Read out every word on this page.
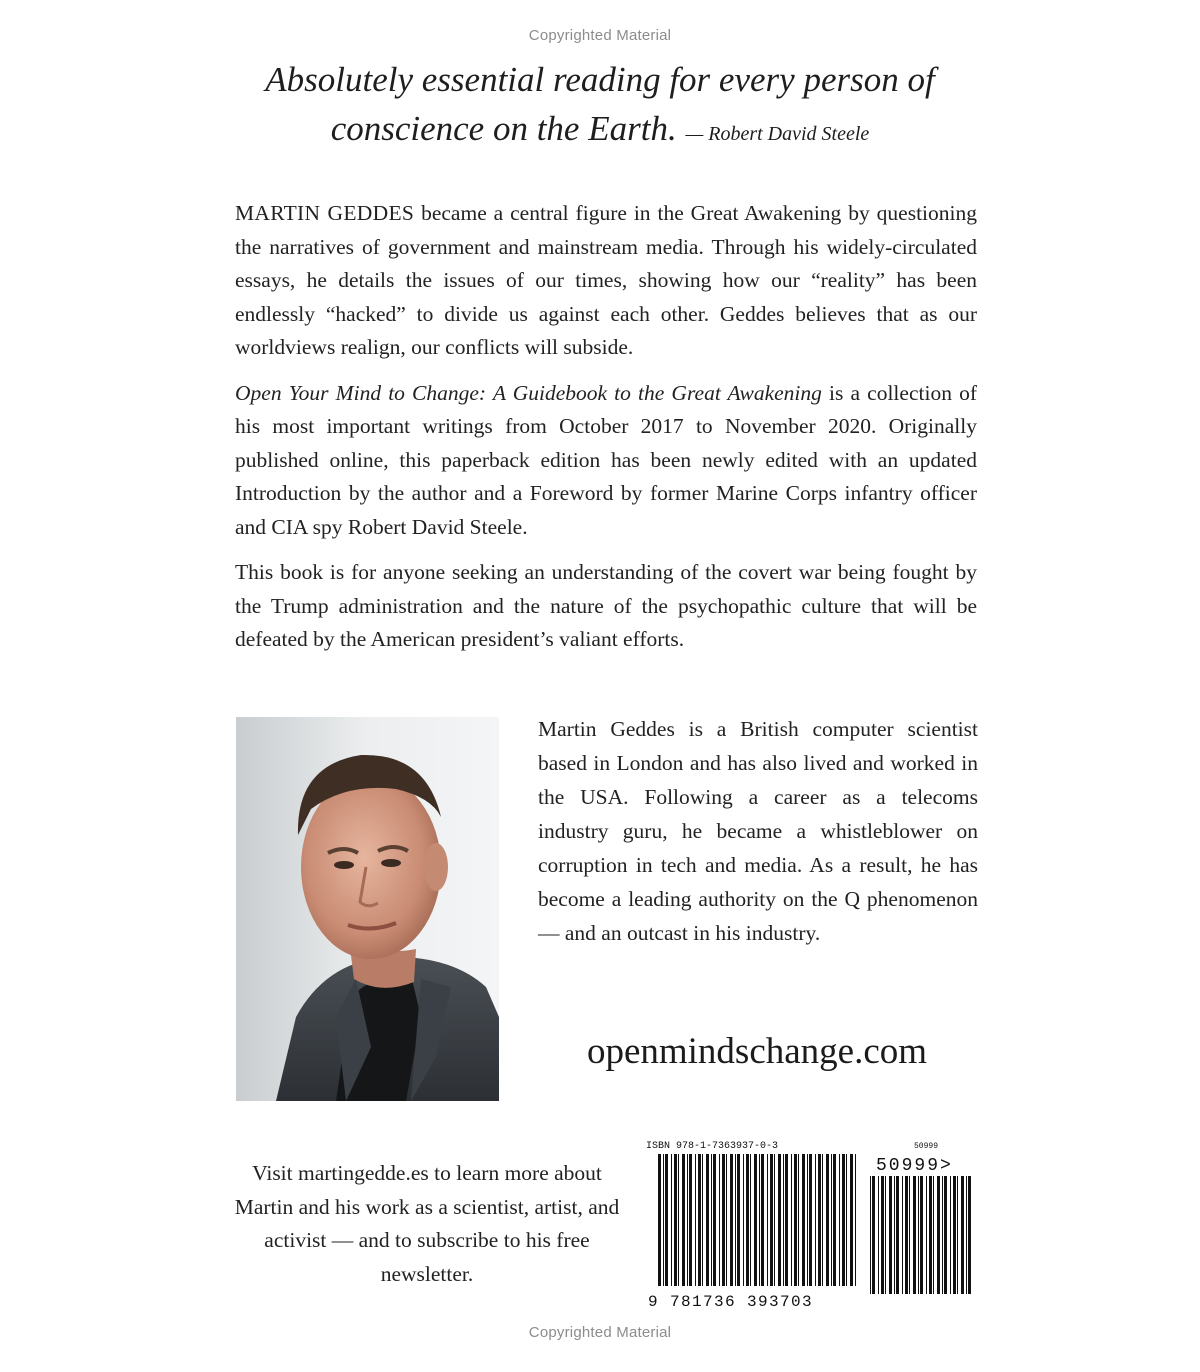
Copyrighted Material
Absolutely essential reading for every person of conscience on the Earth. — Robert David Steele

MARTIN GEDDES became a central figure in the Great Awakening by questioning the narratives of government and mainstream media. Through his widely-circulated essays, he details the issues of our times, showing how our “reality” has been endlessly “hacked” to divide us against each other. Geddes believes that as our worldviews realign, our conflicts will subside.

Open Your Mind to Change: A Guidebook to the Great Awakening is a collection of his most important writings from October 2017 to November 2020. Originally published online, this paperback edition has been newly edited with an updated Introduction by the author and a Foreword by former Marine Corps infantry officer and CIA spy Robert David Steele.

This book is for anyone seeking an understanding of the covert war being fought by the Trump administration and the nature of the psychopathic culture that will be defeated by the American president’s valiant efforts.

Martin Geddes is a British computer scientist based in London and has also lived and worked in the USA. Following a career as a telecoms industry guru, he became a whistleblower on corruption in tech and media. As a result, he has become a leading authority on the Q phenomenon — and an outcast in his industry.
openmindschange.com
Visit martingedde.es to learn more about Martin and his work as a scientist, artist, and activist — and to subscribe to his free newsletter.
ISBN 978-1-7363937-0-3	50999
50999>
9 781736 393703
Copyrighted Material
